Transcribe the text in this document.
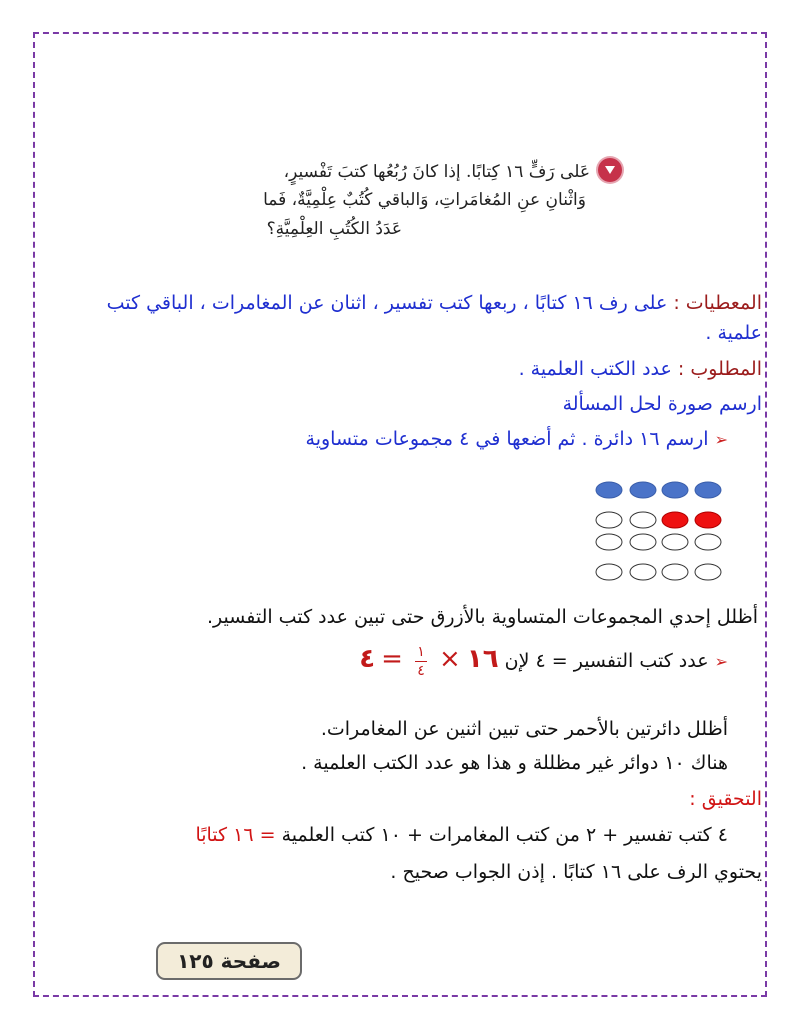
عَلى رَفٍّ ١٦ كِتابًا. إذا كانَ رُبُعُها كتبَ تَفْسيرٍ،
وَاثْنانِ عنِ المُغامَراتِ، وَالباقي كُتُبٌ عِلْمِيَّةٌ، فَما
عَدَدُ الكُتُبِ العِلْمِيَّةِ؟
المعطيات : على رف ١٦ كتابًا ، ربعها كتب تفسير ، اثنان عن المغامرات ، الباقي كتب
علمية .
المطلوب : عدد الكتب العلمية .
ارسم صورة لحل المسألة
➢ارسم ١٦ دائرة . ثم أضعها في ٤ مجموعات متساوية
أظلل إحدي المجموعات المتساوية بالأزرق حتى تبين عدد كتب التفسير.
➢عدد كتب التفسير = ٤ لإن ١٦ × $\frac{١}{٤}$ = ٤
أظلل دائرتين بالأحمر حتى تبين اثنين عن المغامرات.
هناك ١٠ دوائر غير مظللة و هذا هو عدد الكتب العلمية .
التحقيق :
٤ كتب تفسير + ٢ من كتب المغامرات + ١٠ كتب العلمية = ١٦ كتابًا
يحتوي الرف على ١٦ كتابًا . إذن الجواب صحيح .
صفحة ١٢٥
